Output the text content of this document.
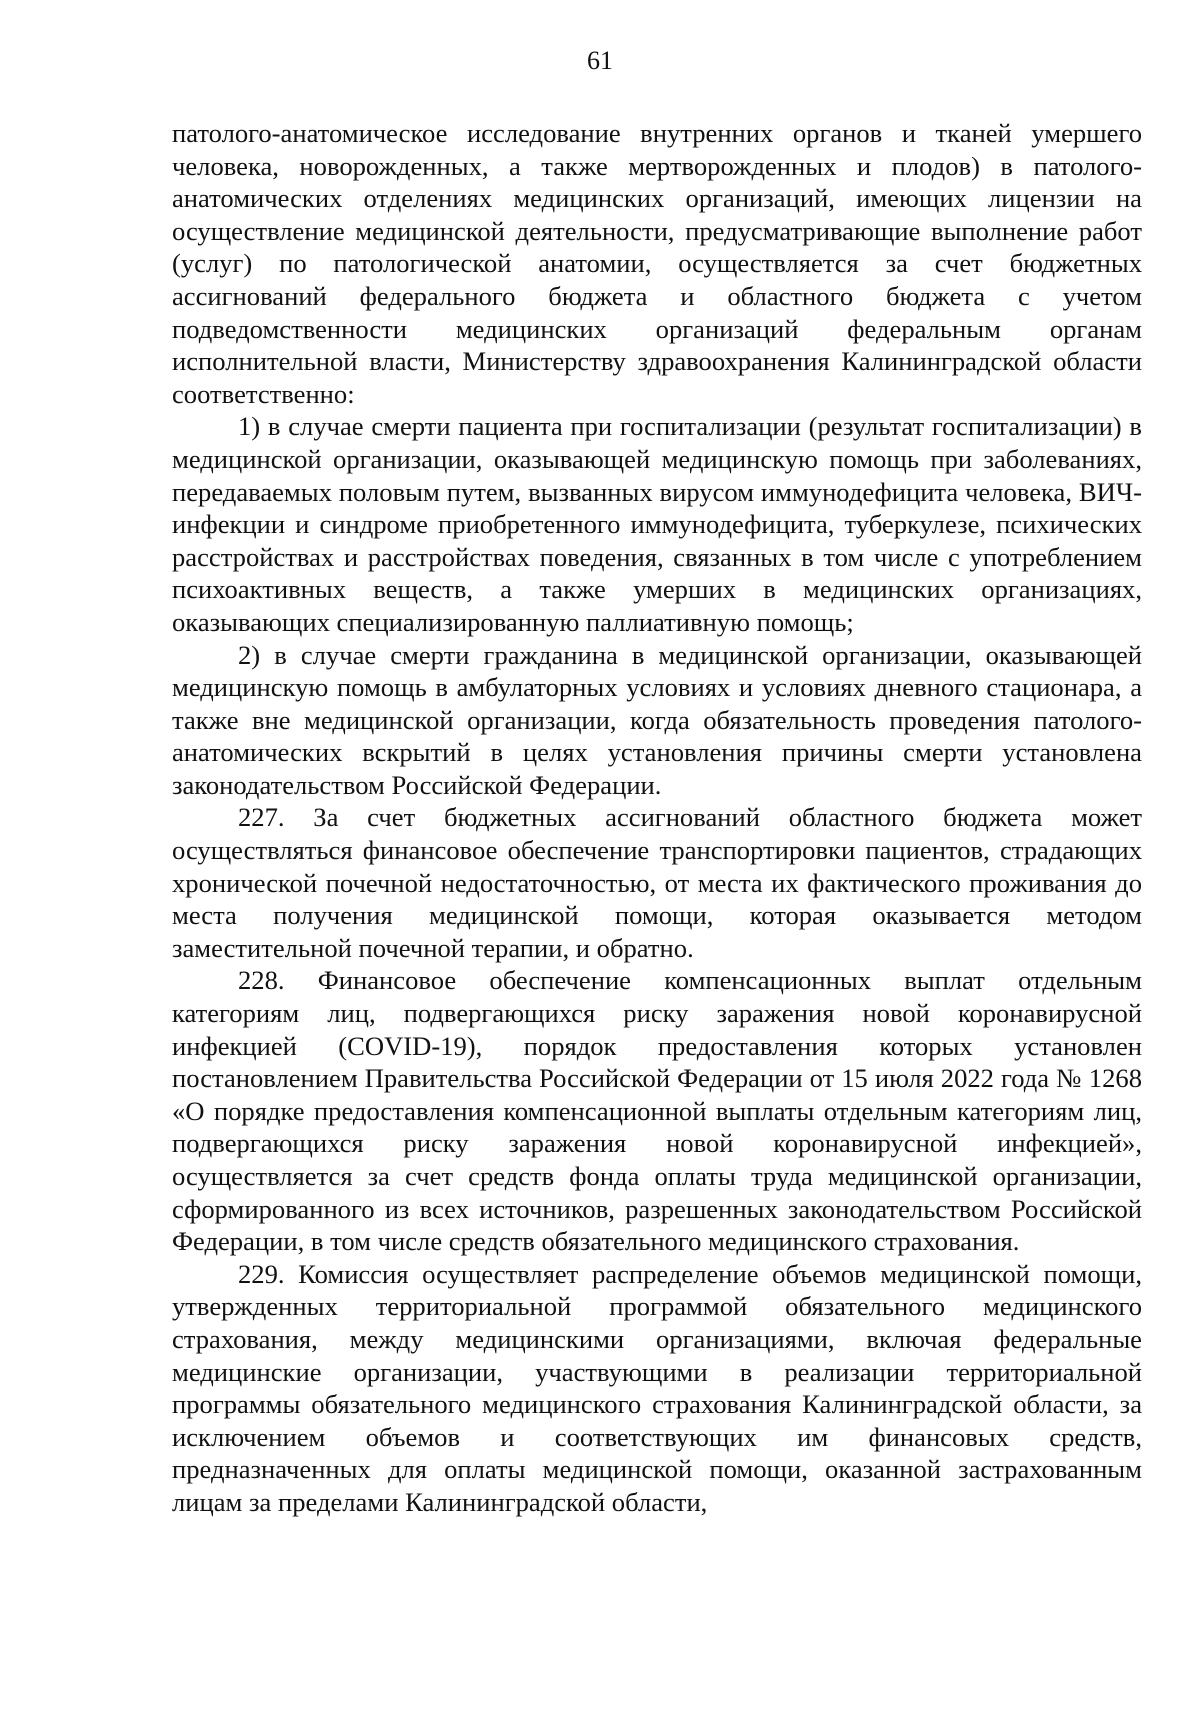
61

патолого-анатомическое исследование внутренних органов и тканей умершего человека, новорожденных, а также мертворожденных и плодов) в патолого-анатомических отделениях медицинских организаций, имеющих лицензии на осуществление медицинской деятельности, предусматривающие выполнение работ (услуг) по патологической анатомии, осуществляется за счет бюджетных ассигнований федерального бюджета и областного бюджета с учетом подведомственности медицинских организаций федеральным органам исполнительной власти, Министерству здравоохранения Калининградской области соответственно:

1) в случае смерти пациента при госпитализации (результат госпитализации) в медицинской организации, оказывающей медицинскую помощь при заболеваниях, передаваемых половым путем, вызванных вирусом иммунодефицита человека, ВИЧ-инфекции и синдроме приобретенного иммунодефицита, туберкулезе, психических расстройствах и расстройствах поведения, связанных в том числе с употреблением психоактивных веществ, а также умерших в медицинских организациях, оказывающих специализированную паллиативную помощь;

2) в случае смерти гражданина в медицинской организации, оказывающей медицинскую помощь в амбулаторных условиях и условиях дневного стационара, а также вне медицинской организации, когда обязательность проведения патолого-анатомических вскрытий в целях установления причины смерти установлена законодательством Российской Федерации.

227. За счет бюджетных ассигнований областного бюджета может осуществляться финансовое обеспечение транспортировки пациентов, страдающих хронической почечной недостаточностью, от места их фактического проживания до места получения медицинской помощи, которая оказывается методом заместительной почечной терапии, и обратно.

228. Финансовое обеспечение компенсационных выплат отдельным категориям лиц, подвергающихся риску заражения новой коронавирусной инфекцией (COVID-19), порядок предоставления которых установлен постановлением Правительства Российской Федерации от 15 июля 2022 года № 1268 «О порядке предоставления компенсационной выплаты отдельным категориям лиц, подвергающихся риску заражения новой коронавирусной инфекцией», осуществляется за счет средств фонда оплаты труда медицинской организации, сформированного из всех источников, разрешенных законодательством Российской Федерации, в том числе средств обязательного медицинского страхования.

229. Комиссия осуществляет распределение объемов медицинской помощи, утвержденных территориальной программой обязательного медицинского страхования, между медицинскими организациями, включая федеральные медицинские организации, участвующими в реализации территориальной программы обязательного медицинского страхования Калининградской области, за исключением объемов и соответствующих им финансовых средств, предназначенных для оплаты медицинской помощи, оказанной застрахованным лицам за пределами Калининградской области,
